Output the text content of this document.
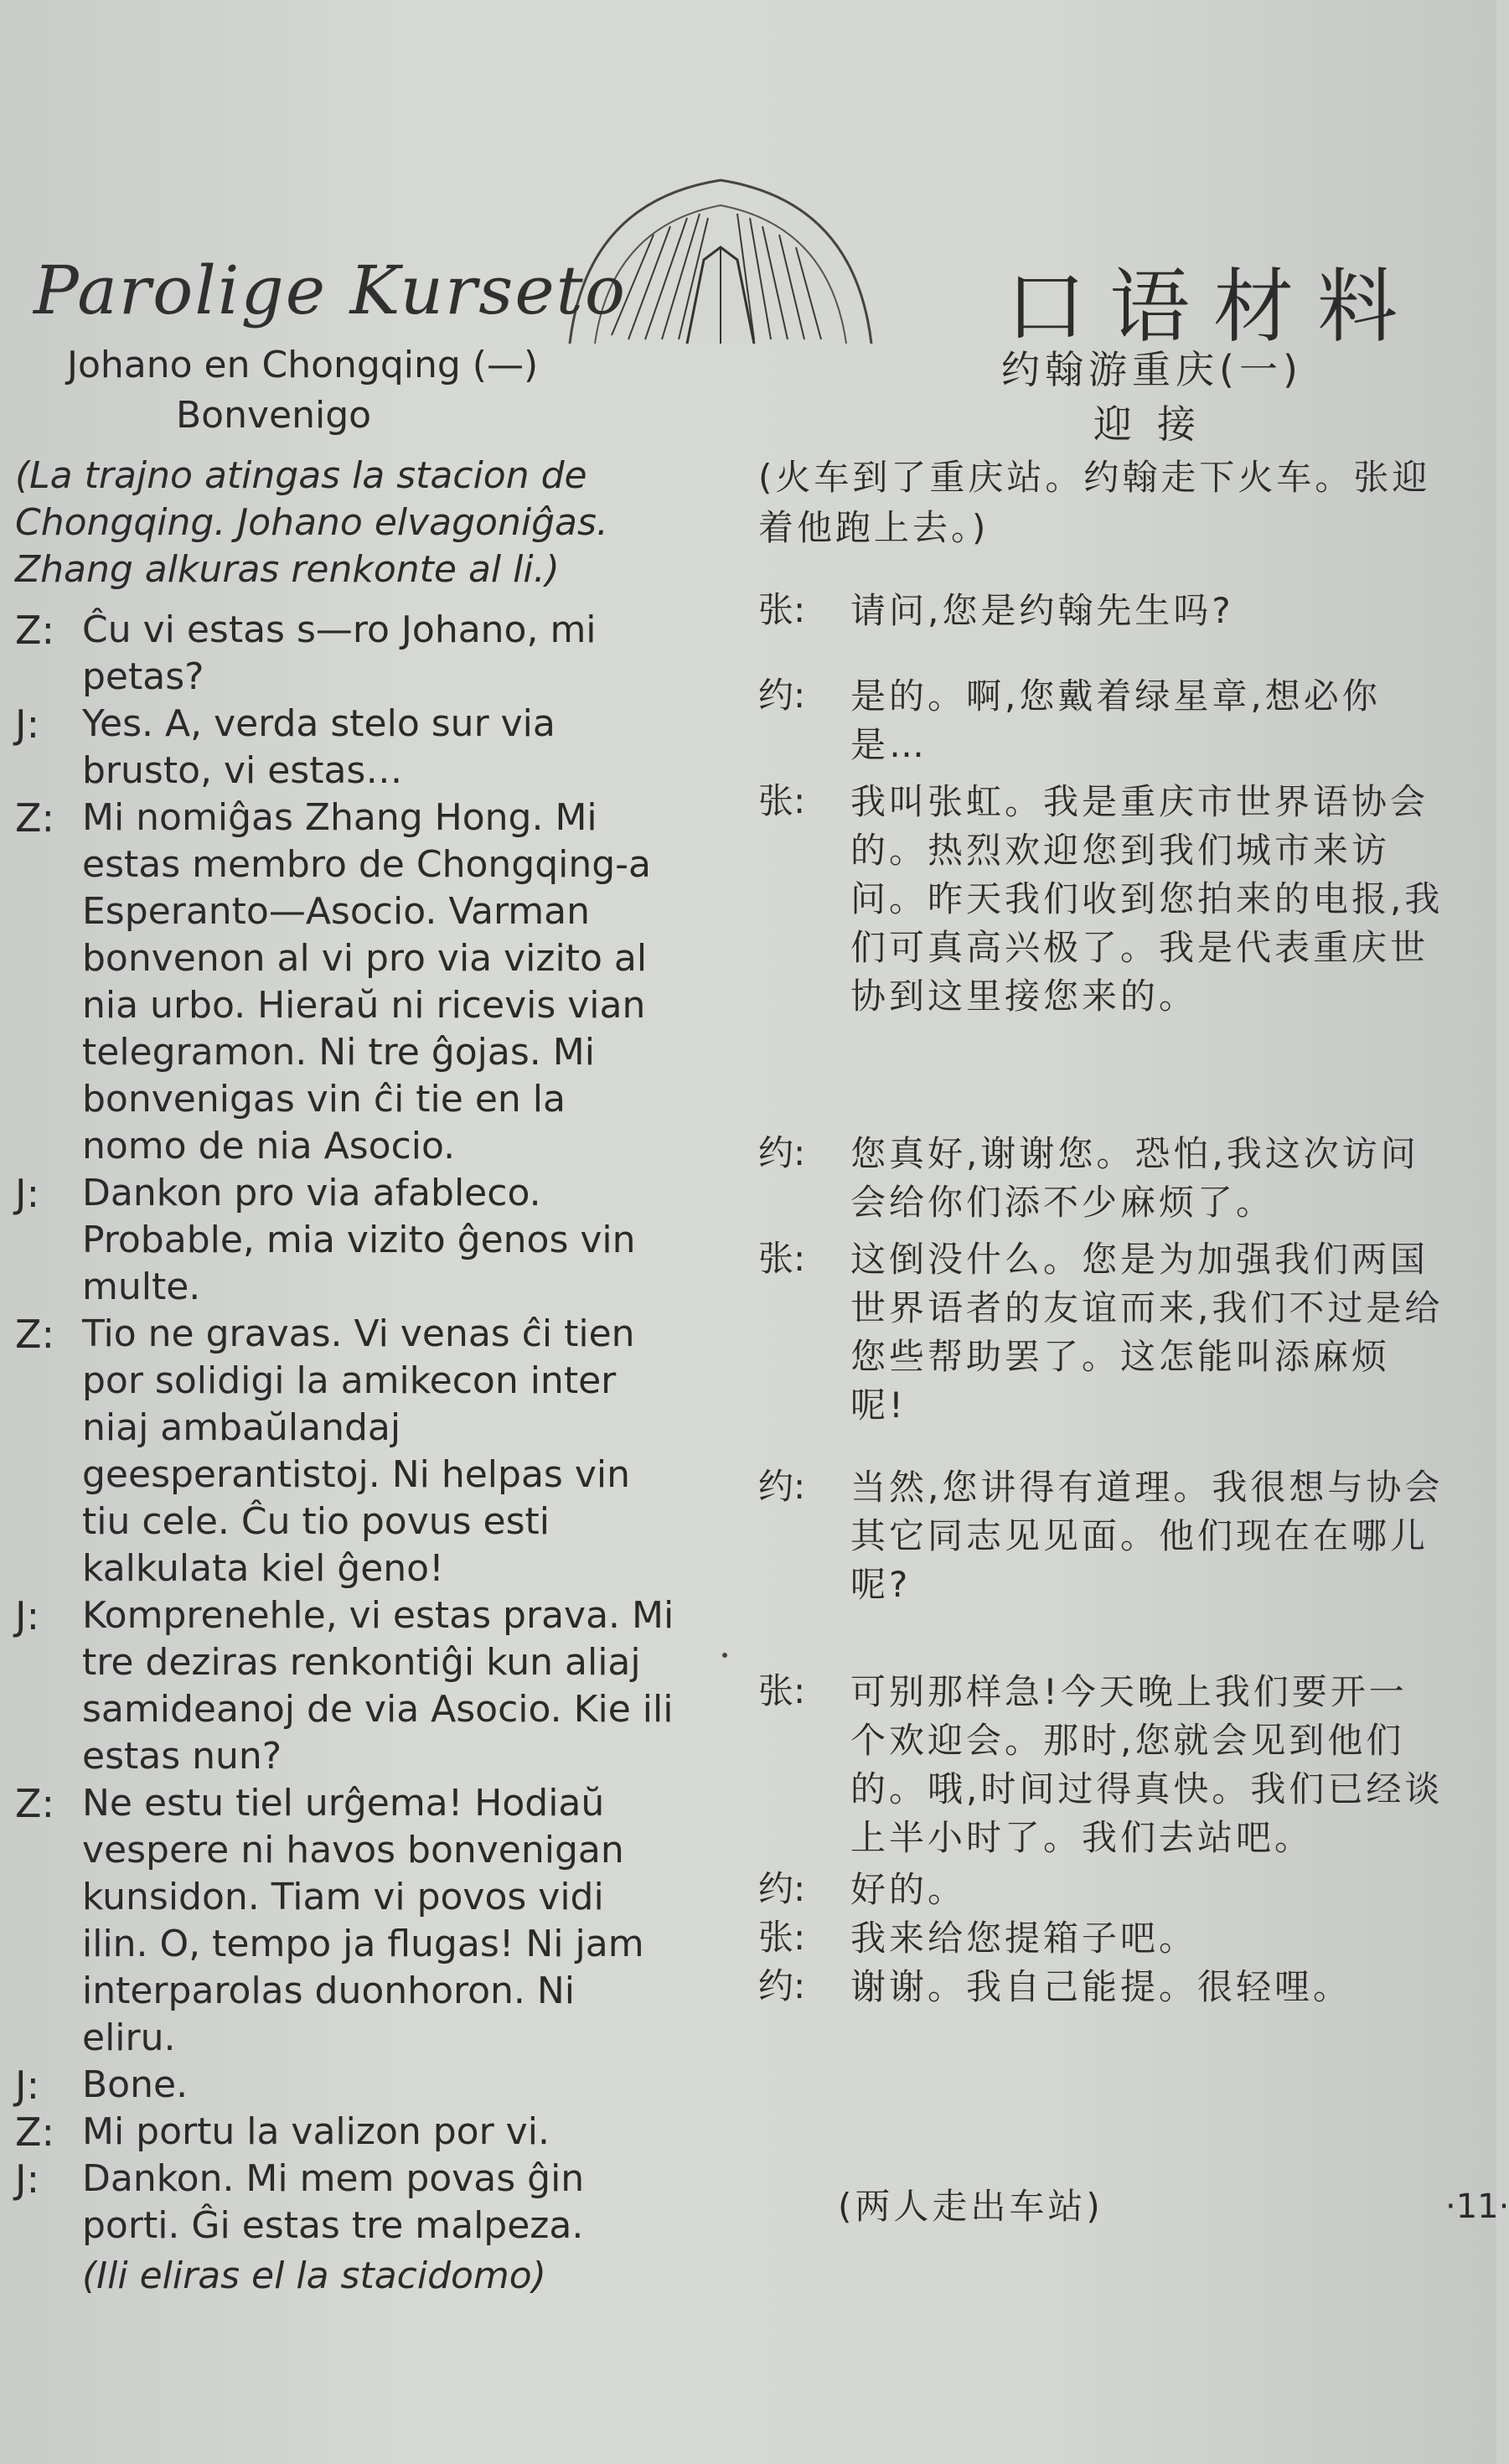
Parolige Kurseto
Johano en Chongqing (—)
Bonvenigo
口语材料
约翰游重庆(一)
迎接
(La trajno atingas la stacion de Chongqing. Johano elvagoniĝas. Zhang alkuras renkonte al li.)
Z: Ĉu vi estas s—ro Johano, mi petas?
J:	Yes. A, verda stelo sur via brusto, vi estas…
Z: Mi nomiĝas Zhang Hong. Mi estas membro de Chongqing-a Esperanto—Asocio. Varman bonvenon al vi pro via vizito al nia urbo. Hieraŭ ni ricevis vian telegramon. Ni tre ĝojas. Mi bonvenigas vin ĉi tie en la nomo de nia Asocio.
J:	Dankon pro via afableco. Probable, mia vizito ĝenos vin multe.
Z: Tio ne gravas. Vi venas ĉi tien por solidigi la amikecon inter niaj ambaŭlandaj geesperantistoj. Ni helpas vin tiu cele. Ĉu tio povus esti kalkulata kiel ĝeno!
J:	Komprenehle, vi estas prava. Mi tre deziras renkontiĝi kun aliaj samideanoj de via Asocio. Kie ili estas nun?
Z: Ne estu tiel urĝema! Hodiaŭ vespere ni havos bonvenigan kunsidon. Tiam vi povos vidi ilin. O, tempo ja flugas! Ni jam interparolas duonhoron. Ni eliru.
J:	Bone.
Z: Mi portu la valizon por vi.
J:	Dankon. Mi mem povas ĝin porti. Ĝi estas tre malpeza.
(Ili eliras el la stacidomo)
(火车到了重庆站。约翰走下火车。张迎着他跑上去。)
张:	请问,您是约翰先生吗?
约:	是的。啊,您戴着绿星章,想必你是…
张:	我叫张虹。我是重庆市世界语协会的。热烈欢迎您到我们城市来访问。昨天我们收到您拍来的电报,我们可真高兴极了。我是代表重庆世协到这里接您来的。
约:	您真好,谢谢您。恐怕,我这次访问会给你们添不少麻烦了。
张:	这倒没什么。您是为加强我们两国世界语者的友谊而来,我们不过是给您些帮助罢了。这怎能叫添麻烦呢!
约:	当然,您讲得有道理。我很想与协会其它同志见见面。他们现在在哪儿呢?
张:	可别那样急!今天晚上我们要开一个欢迎会。那时,您就会见到他们的。哦,时间过得真快。我们已经谈上半小时了。我们去站吧。
约:	好的。
张:	我来给您提箱子吧。
约:	谢谢。我自己能提。很轻哩。
(两人走出车站)	·11·
